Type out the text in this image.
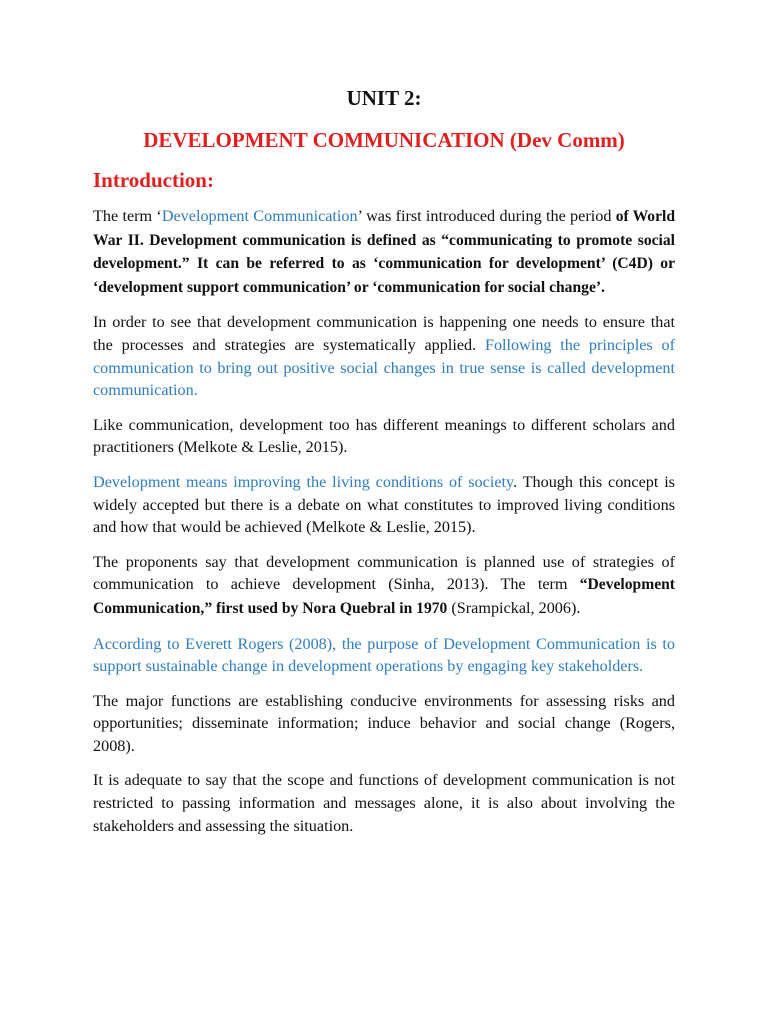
UNIT 2:
DEVELOPMENT COMMUNICATION (Dev Comm)
Introduction:

The term ‘Development Communication’ was first introduced during the period of World War II. Development communication is defined as “communicating to promote social development.” It can be referred to as ‘communication for development’ (C4D) or ‘development support communication’ or ‘communication for social change’.

In order to see that development communication is happening one needs to ensure that the processes and strategies are systematically applied. Following the principles of communication to bring out positive social changes in true sense is called development communication.

Like communication, development too has different meanings to different scholars and practitioners (Melkote & Leslie, 2015).

Development means improving the living conditions of society. Though this concept is widely accepted but there is a debate on what constitutes to improved living conditions and how that would be achieved (Melkote & Leslie, 2015).

The proponents say that development communication is planned use of strategies of communication to achieve development (Sinha, 2013). The term “Development Communication,” first used by Nora Quebral in 1970 (Srampickal, 2006).

According to Everett Rogers (2008), the purpose of Development Communication is to support sustainable change in development operations by engaging key stakeholders.

The major functions are establishing conducive environments for assessing risks and opportunities; disseminate information; induce behavior and social change (Rogers, 2008).

It is adequate to say that the scope and functions of development communication is not restricted to passing information and messages alone, it is also about involving the stakeholders and assessing the situation.
